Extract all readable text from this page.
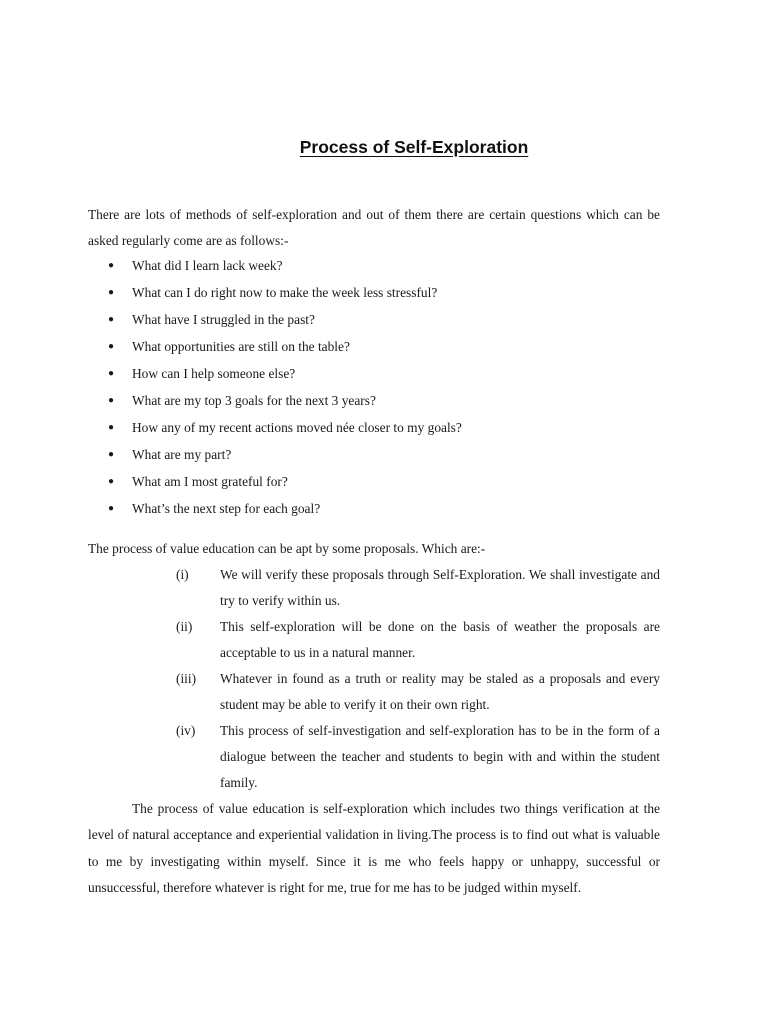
Process of Self-Exploration

There are lots of methods of self-exploration and out of them there are certain questions which can be asked regularly come are as follows:-

● What did I learn lack week?
● What can I do right now to make the week less stressful?
● What have I struggled in the past?
● What opportunities are still on the table?
● How can I help someone else?
● What are my top 3 goals for the next 3 years?
● How any of my recent actions moved née closer to my goals?
● What are my part?
● What am I most grateful for?
● What’s the next step for each goal?

The process of value education can be apt by some proposals. Which are:-

(i) We will verify these proposals through Self-Exploration. We shall investigate and try to verify within us.
(ii) This self-exploration will be done on the basis of weather the proposals are acceptable to us in a natural manner.
(iii) Whatever in found as a truth or reality may be staled as a proposals and every student may be able to verify it on their own right.
(iv) This process of self-investigation and self-exploration has to be in the form of a dialogue between the teacher and students to begin with and within the student family.

The process of value education is self-exploration which includes two things verification at the level of natural acceptance and experiential validation in living.The process is to find out what is valuable to me by investigating within myself. Since it is me who feels happy or unhappy, successful or unsuccessful, therefore whatever is right for me, true for me has to be judged within myself.
